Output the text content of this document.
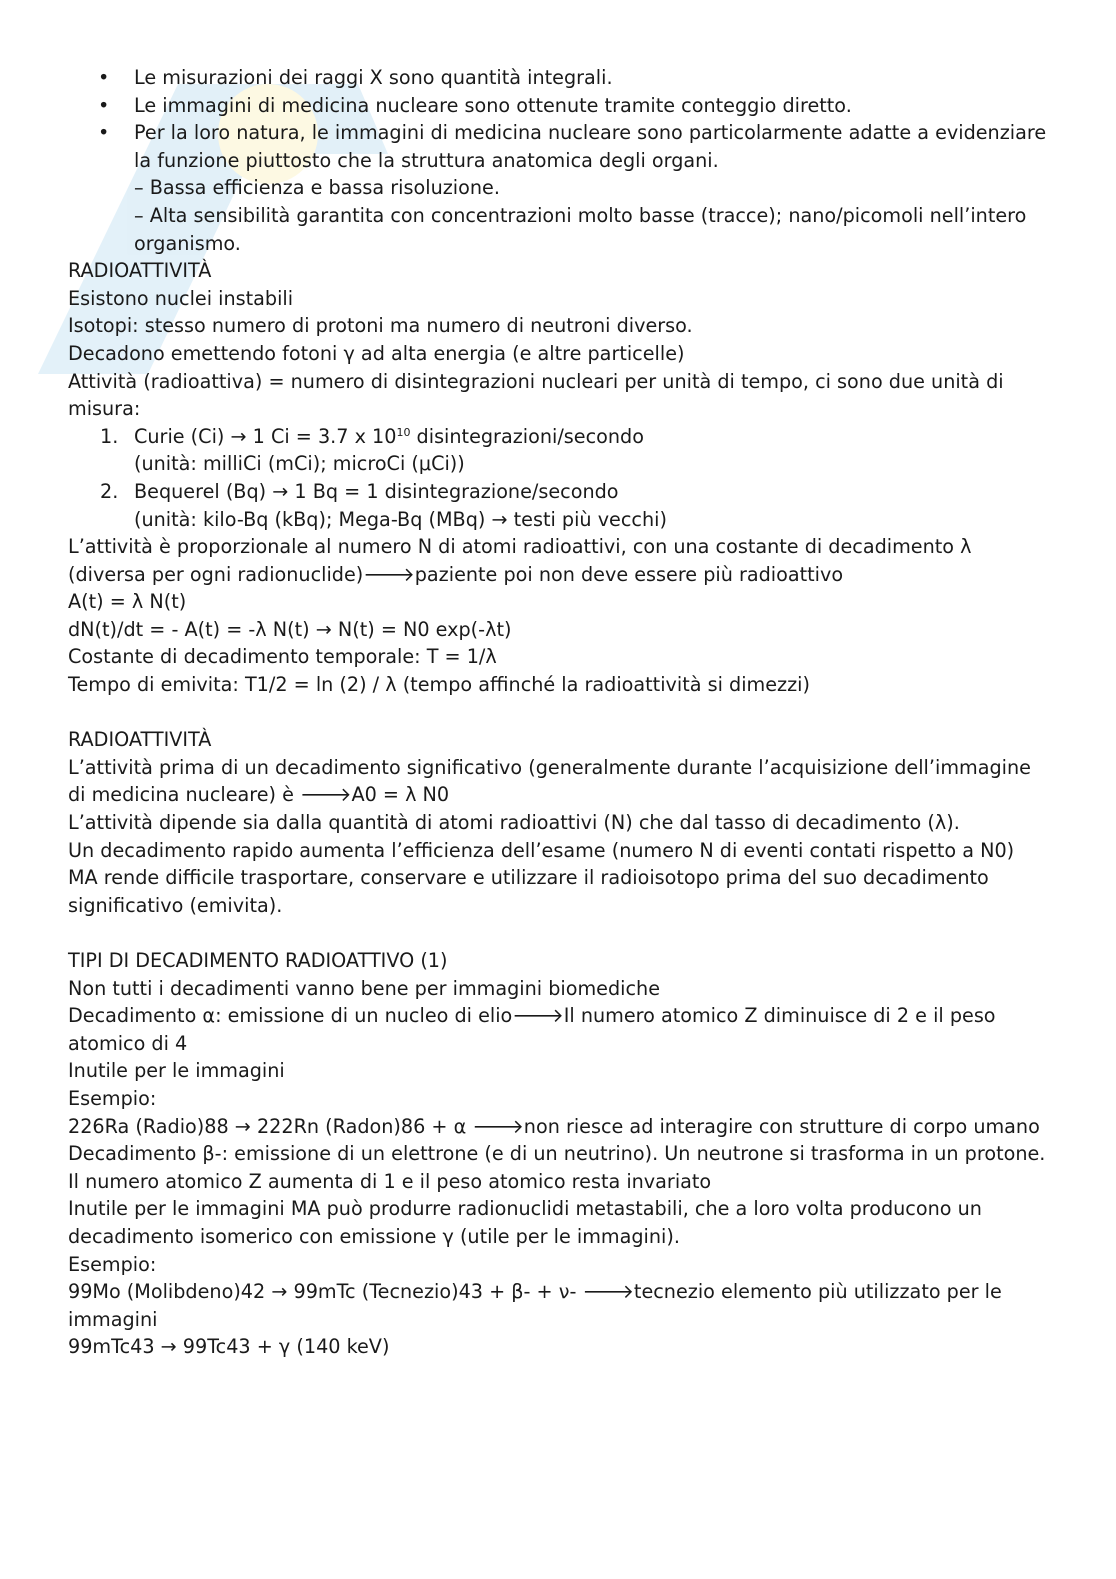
• Le misurazioni dei raggi X sono quantità integrali.
• Le immagini di medicina nucleare sono ottenute tramite conteggio diretto.
• Per la loro natura, le immagini di medicina nucleare sono particolarmente adatte a evidenziare la funzione piuttosto che la struttura anatomica degli organi.
– Bassa efficienza e bassa risoluzione.
– Alta sensibilità garantita con concentrazioni molto basse (tracce); nano/picomoli nell’intero organismo.

RADIOATTIVITÀ

Esistono nuclei instabili

Isotopi: stesso numero di protoni ma numero di neutroni diverso.

Decadono emettendo fotoni γ ad alta energia (e altre particelle)

Attività (radioattiva) = numero di disintegrazioni nucleari per unità di tempo, ci sono due unità di misura:

1. Curie (Ci) → 1 Ci = 3.7 x $10^{10}$ disintegrazioni/secondo
(unità: milliCi (mCi); microCi (μCi))
2. Bequerel (Bq) → 1 Bq = 1 disintegrazione/secondo
(unità: kilo-Bq (kBq); Mega-Bq (MBq) → testi più vecchi)

L’attività è proporzionale al numero N di atomi radioattivi, con una costante di decadimento λ (diversa per ogni radionuclide)🡒paziente poi non deve essere più radioattivo

A(t) = λ N(t)

dN(t)/dt = - A(t) = -λ N(t) → N(t) = N0 exp(-λt)

Costante di decadimento temporale: T = 1/λ

Tempo di emivita: T1/2 = ln (2) / λ (tempo affinché la radioattività si dimezzi)

RADIOATTIVITÀ

L’attività prima di un decadimento significativo (generalmente durante l’acquisizione dell’immagine di medicina nucleare) è 🡒A0 = λ N0

L’attività dipende sia dalla quantità di atomi radioattivi (N) che dal tasso di decadimento (λ).

Un decadimento rapido aumenta l’efficienza dell’esame (numero N di eventi contati rispetto a N0)

MA rende difficile trasportare, conservare e utilizzare il radioisotopo prima del suo decadimento significativo (emivita).

TIPI DI DECADIMENTO RADIOATTIVO (1)

Non tutti i decadimenti vanno bene per immagini biomediche

Decadimento α: emissione di un nucleo di elio🡒Il numero atomico Z diminuisce di 2 e il peso atomico di 4

Inutile per le immagini

Esempio:

226Ra (Radio)88 → 222Rn (Radon)86 + α 🡒non riesce ad interagire con strutture di corpo umano

Decadimento β-: emissione di un elettrone (e di un neutrino). Un neutrone si trasforma in un protone.

Il numero atomico Z aumenta di 1 e il peso atomico resta invariato

Inutile per le immagini MA può produrre radionuclidi metastabili, che a loro volta producono un decadimento isomerico con emissione γ (utile per le immagini).

Esempio:

99Mo (Molibdeno)42 → 99mTc (Tecnezio)43 + β- + ν- 🡒tecnezio elemento più utilizzato per le immagini

99mTc43 → 99Tc43 + γ (140 keV)
